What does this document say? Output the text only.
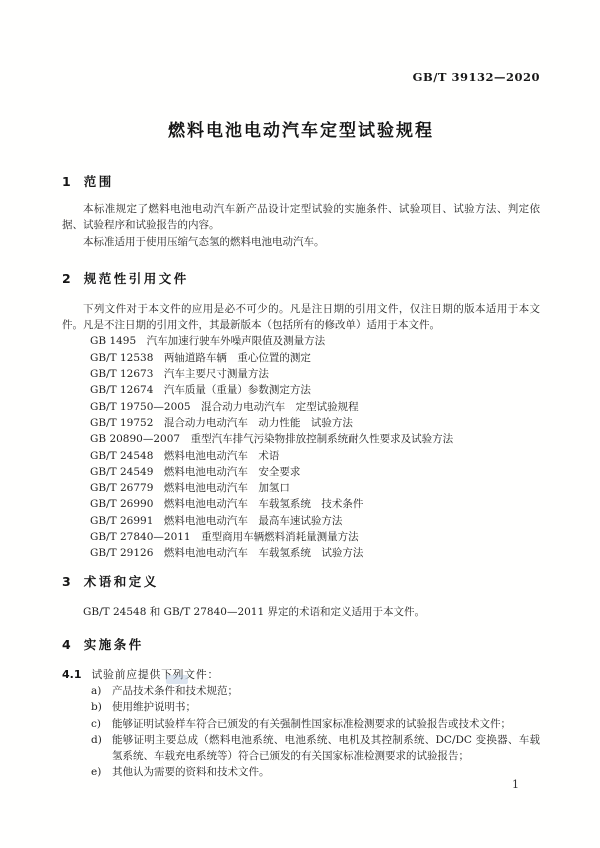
GB/T 39132—2020
燃料电池电动汽车定型试验规程
1 范围

本标准规定了燃料电池电动汽车新产品设计定型试验的实施条件、试验项目、试验方法、判定依据、试验程序和试验报告的内容。

本标准适用于使用压缩气态氢的燃料电池电动汽车。

2 规范性引用文件

下列文件对于本文件的应用是必不可少的。凡是注日期的引用文件，仅注日期的版本适用于本文件。凡是不注日期的引用文件，其最新版本（包括所有的修改单）适用于本文件。

GB 1495　汽车加速行驶车外噪声限值及测量方法
GB/T 12538　两轴道路车辆　重心位置的测定
GB/T 12673　汽车主要尺寸测量方法
GB/T 12674　汽车质量（重量）参数测定方法
GB/T 19750—2005　混合动力电动汽车　定型试验规程
GB/T 19752　混合动力电动汽车　动力性能　试验方法
GB 20890—2007　重型汽车排气污染物排放控制系统耐久性要求及试验方法
GB/T 24548　燃料电池电动汽车　术语
GB/T 24549　燃料电池电动汽车　安全要求
GB/T 26779　燃料电池电动汽车　加氢口
GB/T 26990　燃料电池电动汽车　车载氢系统　技术条件
GB/T 26991　燃料电池电动汽车　最高车速试验方法
GB/T 27840—2011　重型商用车辆燃料消耗量测量方法
GB/T 29126　燃料电池电动汽车　车载氢系统　试验方法
3 术语和定义

GB/T 24548 和 GB/T 27840—2011 界定的术语和定义适用于本文件。

4 实施条件
4.1 试验前应提供下列文件：
a)	产品技术条件和技术规范；
b) 使用维护说明书；
c)	能够证明试验样车符合已颁发的有关强制性国家标准检测要求的试验报告或技术文件；
d) 能够证明主要总成（燃料电池系统、电池系统、电机及其控制系统、DC/DC 变换器、车载氢系统、车载充电系统等）符合已颁发的有关国家标准检测要求的试验报告；
e)	其他认为需要的资料和技术文件。
1
